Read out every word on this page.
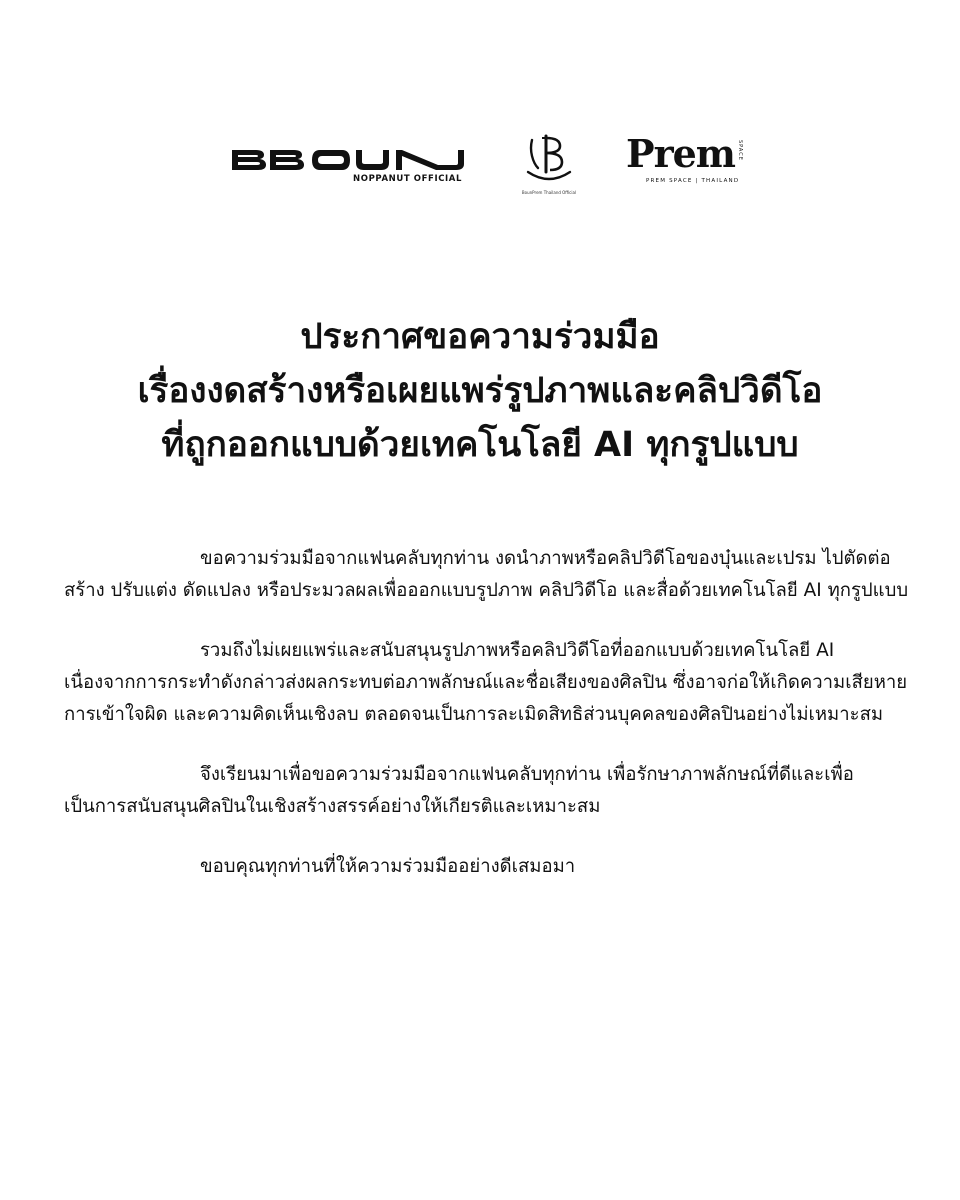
NOPPANUT OFFICIAL
BounPrem Thailand Official
Prem SPACE
PREM SPACE | THAILAND
ประกาศขอความร่วมมือ
เรื่องงดสร้างหรือเผยแพร่รูปภาพและคลิปวิดีโอ
ที่ถูกออกแบบด้วยเทคโนโลยี AI ทุกรูปแบบ

ขอความร่วมมือจากแฟนคลับทุกท่าน งดนำภาพหรือคลิปวิดีโอของบุ๋นและเปรม ไปตัดต่อ สร้าง ปรับแต่ง ดัดแปลง หรือประมวลผลเพื่อออกแบบรูปภาพ คลิปวิดีโอ และสื่อด้วยเทคโนโลยี AI ทุกรูปแบบ

รวมถึงไม่เผยแพร่และสนับสนุนรูปภาพหรือคลิปวิดีโอที่ออกแบบด้วยเทคโนโลยี AI เนื่องจากการกระทำดังกล่าวส่งผลกระทบต่อภาพลักษณ์และชื่อเสียงของศิลปิน ซึ่งอาจก่อให้เกิดความเสียหาย การเข้าใจผิด และความคิดเห็นเชิงลบ ตลอดจนเป็นการละเมิดสิทธิส่วนบุคคลของศิลปินอย่างไม่เหมาะสม

จึงเรียนมาเพื่อขอความร่วมมือจากแฟนคลับทุกท่าน เพื่อรักษาภาพลักษณ์ที่ดีและเพื่อเป็นการสนับสนุนศิลปินในเชิงสร้างสรรค์อย่างให้เกียรติและเหมาะสม

ขอบคุณทุกท่านที่ให้ความร่วมมืออย่างดีเสมอมา
